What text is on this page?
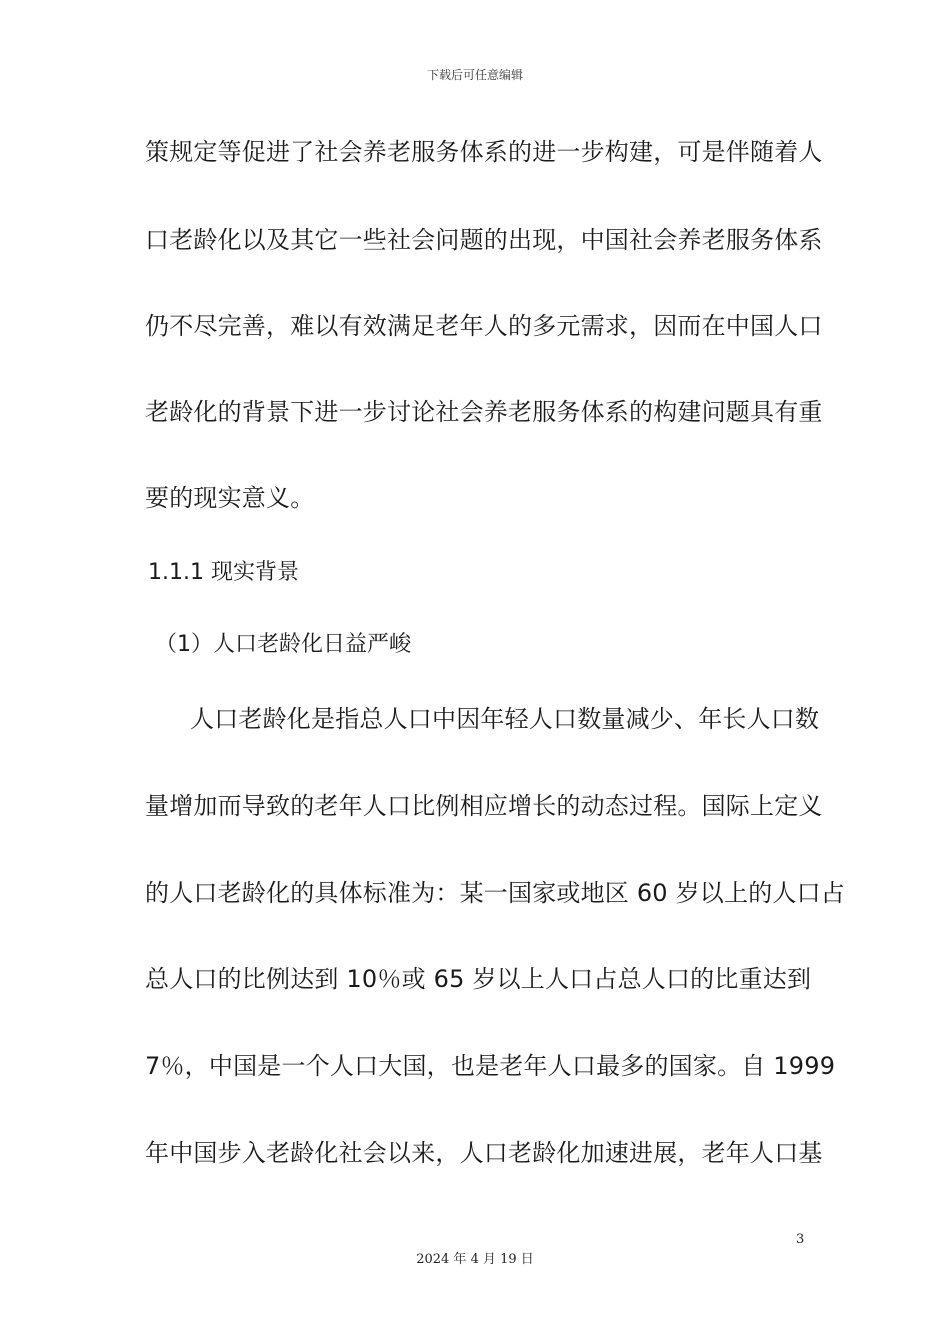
下载后可任意编辑
策规定等促进了社会养老服务体系的进一步构建，可是伴随着人
口老龄化以及其它一些社会问题的出现，中国社会养老服务体系
仍不尽完善，难以有效满足老年人的多元需求，因而在中国人口
老龄化的背景下进一步讨论社会养老服务体系的构建问题具有重
要的现实意义。
1.1.1 现实背景
（1）人口老龄化日益严峻
人口老龄化是指总人口中因年轻人口数量减少、年长人口数
量增加而导致的老年人口比例相应增长的动态过程。国际上定义
的人口老龄化的具体标准为：某一国家或地区 60 岁以上的人口占
总人口的比例达到 10％或 65 岁以上人口占总人口的比重达到
7％，中国是一个人口大国，也是老年人口最多的国家。自 1999
年中国步入老龄化社会以来，人口老龄化加速进展，老年人口基
3
2024 年 4 月 19 日
